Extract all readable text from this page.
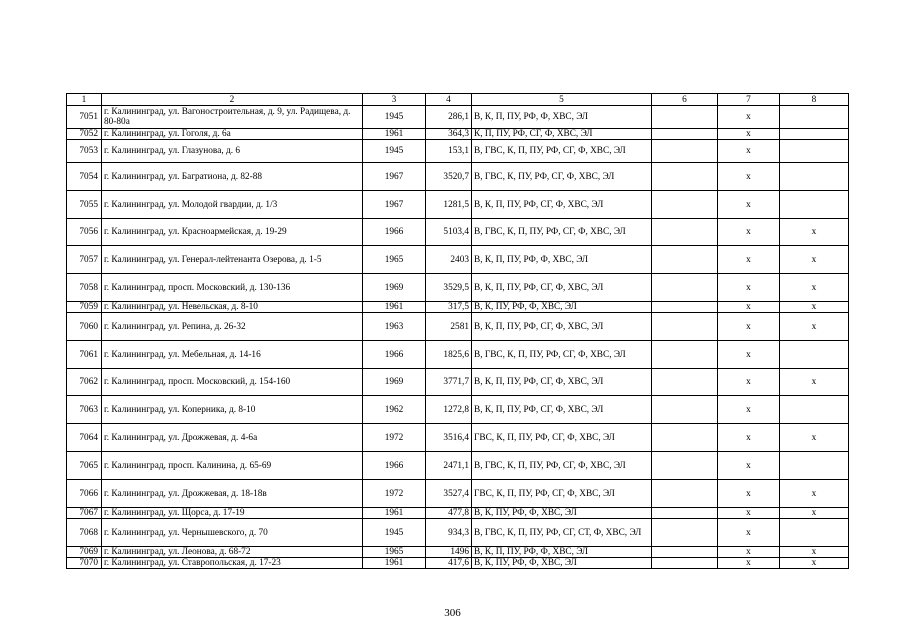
1	2	3	4	5	6	7	8
7051	г. Калининград, ул. Вагоностроительная, д. 9, ул. Радищева, д. 80-80а	1945	286,1	В, К, П, ПУ, РФ, Ф, ХВС, ЭЛ		х	
7052	г. Калининград, ул. Гоголя, д. 6а	1961	364,3	К, П, ПУ, РФ, СГ, Ф, ХВС, ЭЛ		х	
7053	г. Калининград, ул. Глазунова, д. 6	1945	153,1	В, ГВС, К, П, ПУ, РФ, СГ, Ф, ХВС, ЭЛ		х	
7054	г. Калининград, ул. Багратиона, д. 82-88	1967	3520,7	В, ГВС, К, ПУ, РФ, СГ, Ф, ХВС, ЭЛ		х	
7055	г. Калининград, ул. Молодой гвардии, д. 1/3	1967	1281,5	В, К, П, ПУ, РФ, СГ, Ф, ХВС, ЭЛ		х	
7056	г. Калининград, ул. Красноармейская, д. 19-29	1966	5103,4	В, ГВС, К, П, ПУ, РФ, СГ, Ф, ХВС, ЭЛ		х	х
7057	г. Калининград, ул. Генерал-лейтенанта Озерова, д. 1-5	1965	2403	В, К, П, ПУ, РФ, Ф, ХВС, ЭЛ		х	х
7058	г. Калининград, просп. Московский, д. 130-136	1969	3529,5	В, К, П, ПУ, РФ, СГ, Ф, ХВС, ЭЛ		х	х
7059	г. Калининград, ул. Невельская, д. 8-10	1961	317,5	В, К, ПУ, РФ, Ф, ХВС, ЭЛ		х	х
7060	г. Калининград, ул. Репина, д. 26-32	1963	2581	В, К, П, ПУ, РФ, СГ, Ф, ХВС, ЭЛ		х	х
7061	г. Калининград, ул. Мебельная, д. 14-16	1966	1825,6	В, ГВС, К, П, ПУ, РФ, СГ, Ф, ХВС, ЭЛ		х	
7062	г. Калининград, просп. Московский, д. 154-160	1969	3771,7	В, К, П, ПУ, РФ, СГ, Ф, ХВС, ЭЛ		х	х
7063	г. Калининград, ул. Коперника, д. 8-10	1962	1272,8	В, К, П, ПУ, РФ, СГ, Ф, ХВС, ЭЛ		х	
7064	г. Калининград, ул. Дрожжевая, д. 4-6а	1972	3516,4	ГВС, К, П, ПУ, РФ, СГ, Ф, ХВС, ЭЛ		х	х
7065	г. Калининград, просп. Калинина, д. 65-69	1966	2471,1	В, ГВС, К, П, ПУ, РФ, СГ, Ф, ХВС, ЭЛ		х	
7066	г. Калининград, ул. Дрожжевая, д. 18-18в	1972	3527,4	ГВС, К, П, ПУ, РФ, СГ, Ф, ХВС, ЭЛ		х	х
7067	г. Калининград, ул. Щорса, д. 17-19	1961	477,8	В, К, ПУ, РФ, Ф, ХВС, ЭЛ		х	х
7068	г. Калининград, ул. Чернышевского, д. 70	1945	934,3	В, ГВС, К, П, ПУ, РФ, СГ, СТ, Ф, ХВС, ЭЛ		х	
7069	г. Калининград, ул. Леонова, д. 68-72	1965	1496	В, К, П, ПУ, РФ, Ф, ХВС, ЭЛ		х	х
7070	г. Калининград, ул. Ставропольская, д. 17-23	1961	417,6	В, К, ПУ, РФ, Ф, ХВС, ЭЛ		х	х
306
